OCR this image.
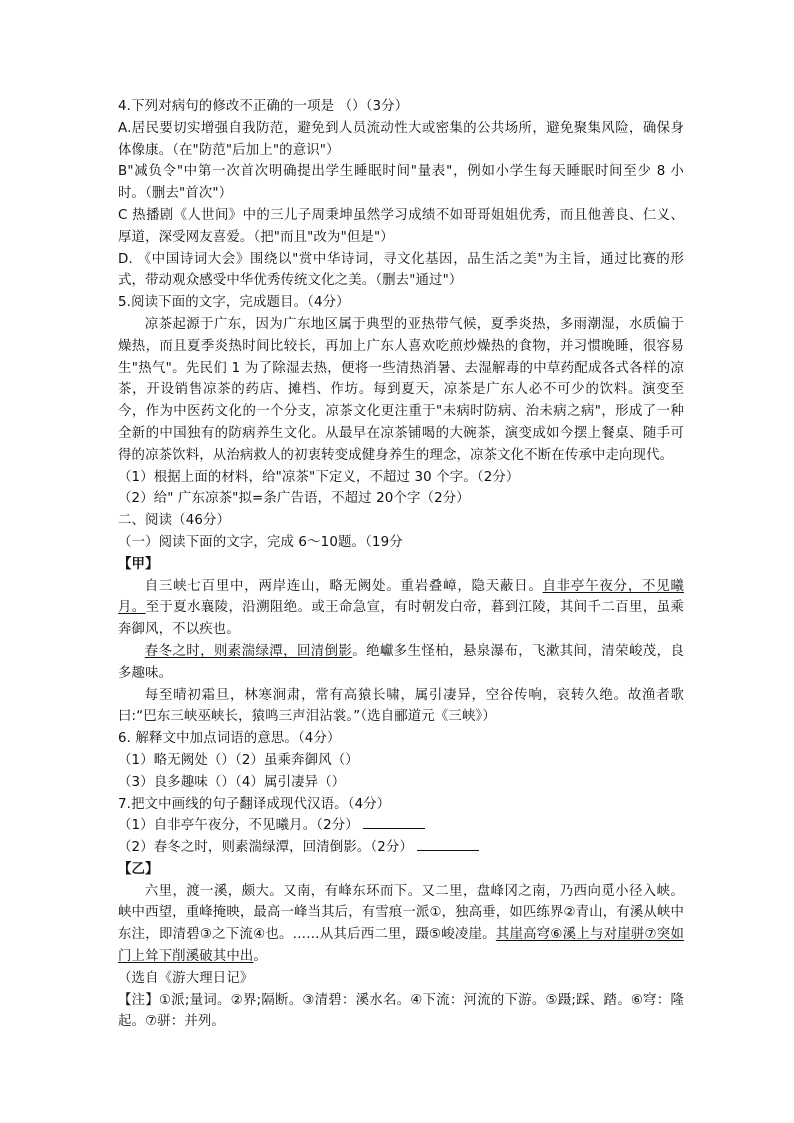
4.下列对病句的修改不正确的一项是 （）（3分）

A.居民要切实增强自我防范，避免到人员流动性大或密集的公共场所，避免聚集风险，确保身体像康。（在"防范"后加上"的意识"）

B"减负令"中第一次首次明确提出学生睡眠时间"量表"，例如小学生每天睡眠时间至少 8 小时。（删去"首次"）

C 热播剧《人世间》中的三儿子周秉坤虽然学习成绩不如哥哥姐姐优秀，而且他善良、仁义、厚道，深受网友喜爱。（把"而且"改为"但是"）

D. 《中国诗词大会》围绕以"赏中华诗词，寻文化基因，品生活之美"为主旨，通过比赛的形式，带动观众感受中华优秀传统文化之美。（删去"通过"）

5.阅读下面的文字，完成题目。（4分）

凉茶起源于广东，因为广东地区属于典型的亚热带气候，夏季炎热，多雨潮湿，水质偏于燥热，而且夏季炎热时间比较长，再加上广东人喜欢吃煎炒燥热的食物，并习惯晚睡，很容易生"热气"。先民们 1 为了除湿去热，便将一些清热消暑、去湿解毒的中草药配成各式各样的凉茶，开设销售凉茶的药店、摊档、作坊。每到夏天，凉茶是广东人必不可少的饮料。演变至今，作为中医药文化的一个分支，凉茶文化更注重于"未病时防病、治未病之病"，形成了一种全新的中国独有的防病养生文化。从最早在凉茶铺喝的大碗茶，演变成如今摆上餐桌、随手可得的凉茶饮料，从治病救人的初衷转变成健身养生的理念，凉茶文化不断在传承中走向现代。

（1）根据上面的材料，给"凉茶"下定义，不超过 30 个字。（2分）

（2）给" 广东凉茶"拟=条广告语，不超过 20个字（2分）

二、阅读（46分）

（一）阅读下面的文字，完成 6～10题。（19分

【甲】

自三峡七百里中，两岸连山，略无阙处。重岩叠嶂，隐天蔽日。自非亭午夜分，不见曦月。至于夏水襄陵，沿溯阻绝。或王命急宣，有时朝发白帝，暮到江陵，其间千二百里，虽乘奔御风，不以疾也。

春冬之时，则素湍绿潭，回清倒影。绝巘多生怪柏，悬泉瀑布，飞漱其间，清荣峻茂，良多趣味。

每至晴初霜旦，林寒涧肃，常有高猿长啸，属引凄异，空谷传响，哀转久绝。故渔者歌曰:“巴东三峡巫峡长，猿鸣三声泪沾裳。”（选自郦道元《三峡》）

6. 解释文中加点词语的意思。（4分）

（1）略无阙处（）（2）虽乘奔御风（）

（3）良多趣味（）（4）属引凄异（）

7.把文中画线的句子翻译成现代汉语。（4分）

（1）自非亭午夜分，不见曦月。（2分）

（2）春冬之时，则素湍绿潭，回清倒影。（2分）

【乙】

六里，渡一溪，颇大。又南，有峰东环而下。又二里，盘峰冈之南，乃西向觅小径入峡。峡中西望，重峰掩映，最高一峰当其后，有雪痕一派①，独高垂，如匹练界②青山，有溪从峡中东注，即清碧③之下流④也。……从其后西二里，蹑⑤峻凌崖。其崖高穹⑥溪上与对崖骈⑦突如门上耸下削溪破其中出。

（选自《游大理日记》

【注】①派;量词。②界;隔断。③清碧：溪水名。④下流：河流的下游。⑤蹑;踩、踏。⑥穹：隆起。⑦骈：并列。
